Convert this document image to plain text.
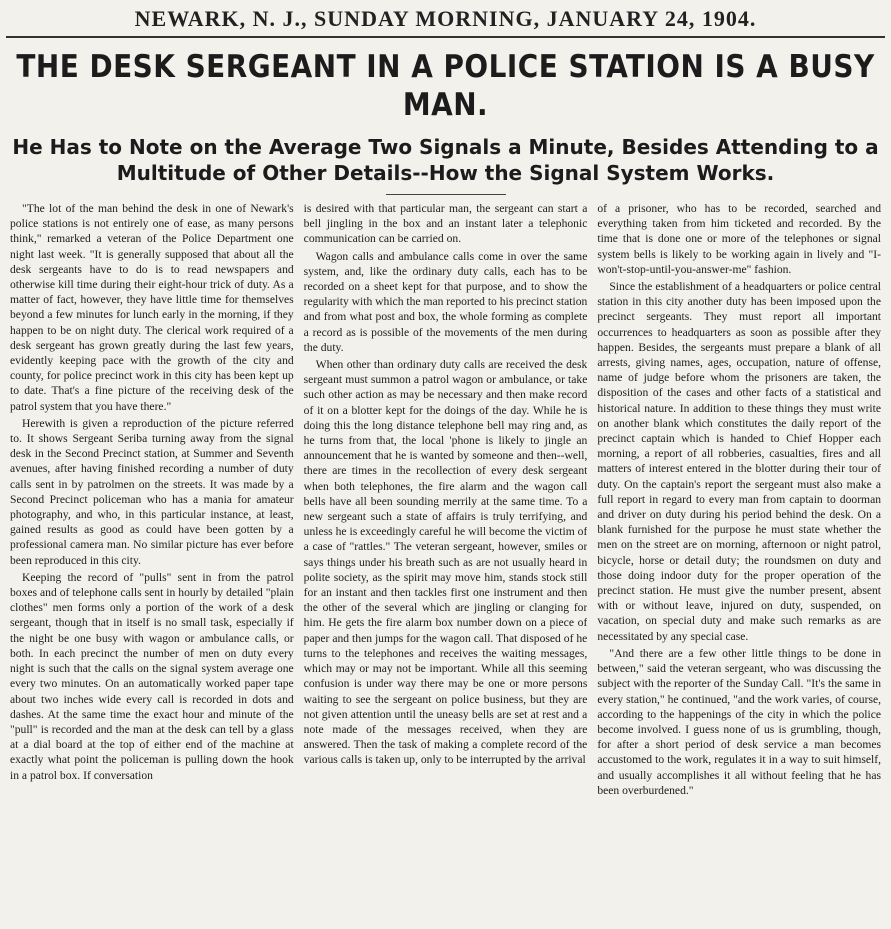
NEWARK, N. J., SUNDAY MORNING, JANUARY 24, 1904.
THE DESK SERGEANT IN A POLICE STATION IS A BUSY MAN.
He Has to Note on the Average Two Signals a Minute, Besides Attending to a Multitude of Other Details--How the Signal System Works.

"The lot of the man behind the desk in one of Newark's police stations is not entirely one of ease, as many persons think," remarked a veteran of the Police Department one night last week. "It is generally supposed that about all the desk sergeants have to do is to read newspapers and otherwise kill time during their eight-hour trick of duty. As a matter of fact, however, they have little time for themselves beyond a few minutes for lunch early in the morning, if they happen to be on night duty. The clerical work required of a desk sergeant has grown greatly during the last few years, evidently keeping pace with the growth of the city and county, for police precinct work in this city has been kept up to date. That's a fine picture of the receiving desk of the patrol system that you have there."

Herewith is given a reproduction of the picture referred to. It shows Sergeant Seriba turning away from the signal desk in the Second Precinct station, at Summer and Seventh avenues, after having finished recording a number of duty calls sent in by patrolmen on the streets. It was made by a Second Precinct policeman who has a mania for amateur photography, and who, in this particular instance, at least, gained results as good as could have been gotten by a professional camera man. No similar picture has ever before been reproduced in this city.

Keeping the record of "pulls" sent in from the patrol boxes and of telephone calls sent in hourly by detailed "plain clothes" men forms only a portion of the work of a desk sergeant, though that in itself is no small task, especially if the night be one busy with wagon or ambulance calls, or both. In each precinct the number of men on duty every night is such that the calls on the signal system average one every two minutes. On an automatically worked paper tape about two inches wide every call is recorded in dots and dashes. At the same time the exact hour and minute of the "pull" is recorded and the man at the desk can tell by a glass at a dial board at the top of either end of the machine at exactly what point the policeman is pulling down the hook in a patrol box. If conversation

is desired with that particular man, the sergeant can start a bell jingling in the box and an instant later a telephonic communication can be carried on.

Wagon calls and ambulance calls come in over the same system, and, like the ordinary duty calls, each has to be recorded on a sheet kept for that purpose, and to show the regularity with which the man reported to his precinct station and from what post and box, the whole forming as complete a record as is possible of the movements of the men during the duty.

When other than ordinary duty calls are received the desk sergeant must summon a patrol wagon or ambulance, or take such other action as may be necessary and then make record of it on a blotter kept for the doings of the day. While he is doing this the long distance telephone bell may ring and, as he turns from that, the local 'phone is likely to jingle an announcement that he is wanted by someone and then--well, there are times in the recollection of every desk sergeant when both telephones, the fire alarm and the wagon call bells have all been sounding merrily at the same time. To a new sergeant such a state of affairs is truly terrifying, and unless he is exceedingly careful he will become the victim of a case of "rattles." The veteran sergeant, however, smiles or says things under his breath such as are not usually heard in polite society, as the spirit may move him, stands stock still for an instant and then tackles first one instrument and then the other of the several which are jingling or clanging for him. He gets the fire alarm box number down on a piece of paper and then jumps for the wagon call. That disposed of he turns to the telephones and receives the waiting messages, which may or may not be important. While all this seeming confusion is under way there may be one or more persons waiting to see the sergeant on police business, but they are not given attention until the uneasy bells are set at rest and a note made of the messages received, when they are answered. Then the task of making a complete record of the various calls is taken up, only to be interrupted by the arrival

of a prisoner, who has to be recorded, searched and everything taken from him ticketed and recorded. By the time that is done one or more of the telephones or signal system bells is likely to be working again in lively and "I-won't-stop-until-you-answer-me" fashion.

Since the establishment of a headquarters or police central station in this city another duty has been imposed upon the precinct sergeants. They must report all important occurrences to headquarters as soon as possible after they happen. Besides, the sergeants must prepare a blank of all arrests, giving names, ages, occupation, nature of offense, name of judge before whom the prisoners are taken, the disposition of the cases and other facts of a statistical and historical nature. In addition to these things they must write on another blank which constitutes the daily report of the precinct captain which is handed to Chief Hopper each morning, a report of all robberies, casualties, fires and all matters of interest entered in the blotter during their tour of duty. On the captain's report the sergeant must also make a full report in regard to every man from captain to doorman and driver on duty during his period behind the desk. On a blank furnished for the purpose he must state whether the men on the street are on morning, afternoon or night patrol, bicycle, horse or detail duty; the roundsmen on duty and those doing indoor duty for the proper operation of the precinct station. He must give the number present, absent with or without leave, injured on duty, suspended, on vacation, on special duty and make such remarks as are necessitated by any special case.

"And there are a few other little things to be done in between," said the veteran sergeant, who was discussing the subject with the reporter of the Sunday Call. "It's the same in every station," he continued, "and the work varies, of course, according to the happenings of the city in which the police become involved. I guess none of us is grumbling, though, for after a short period of desk service a man becomes accustomed to the work, regulates it in a way to suit himself, and usually accomplishes it all without feeling that he has been overburdened."
